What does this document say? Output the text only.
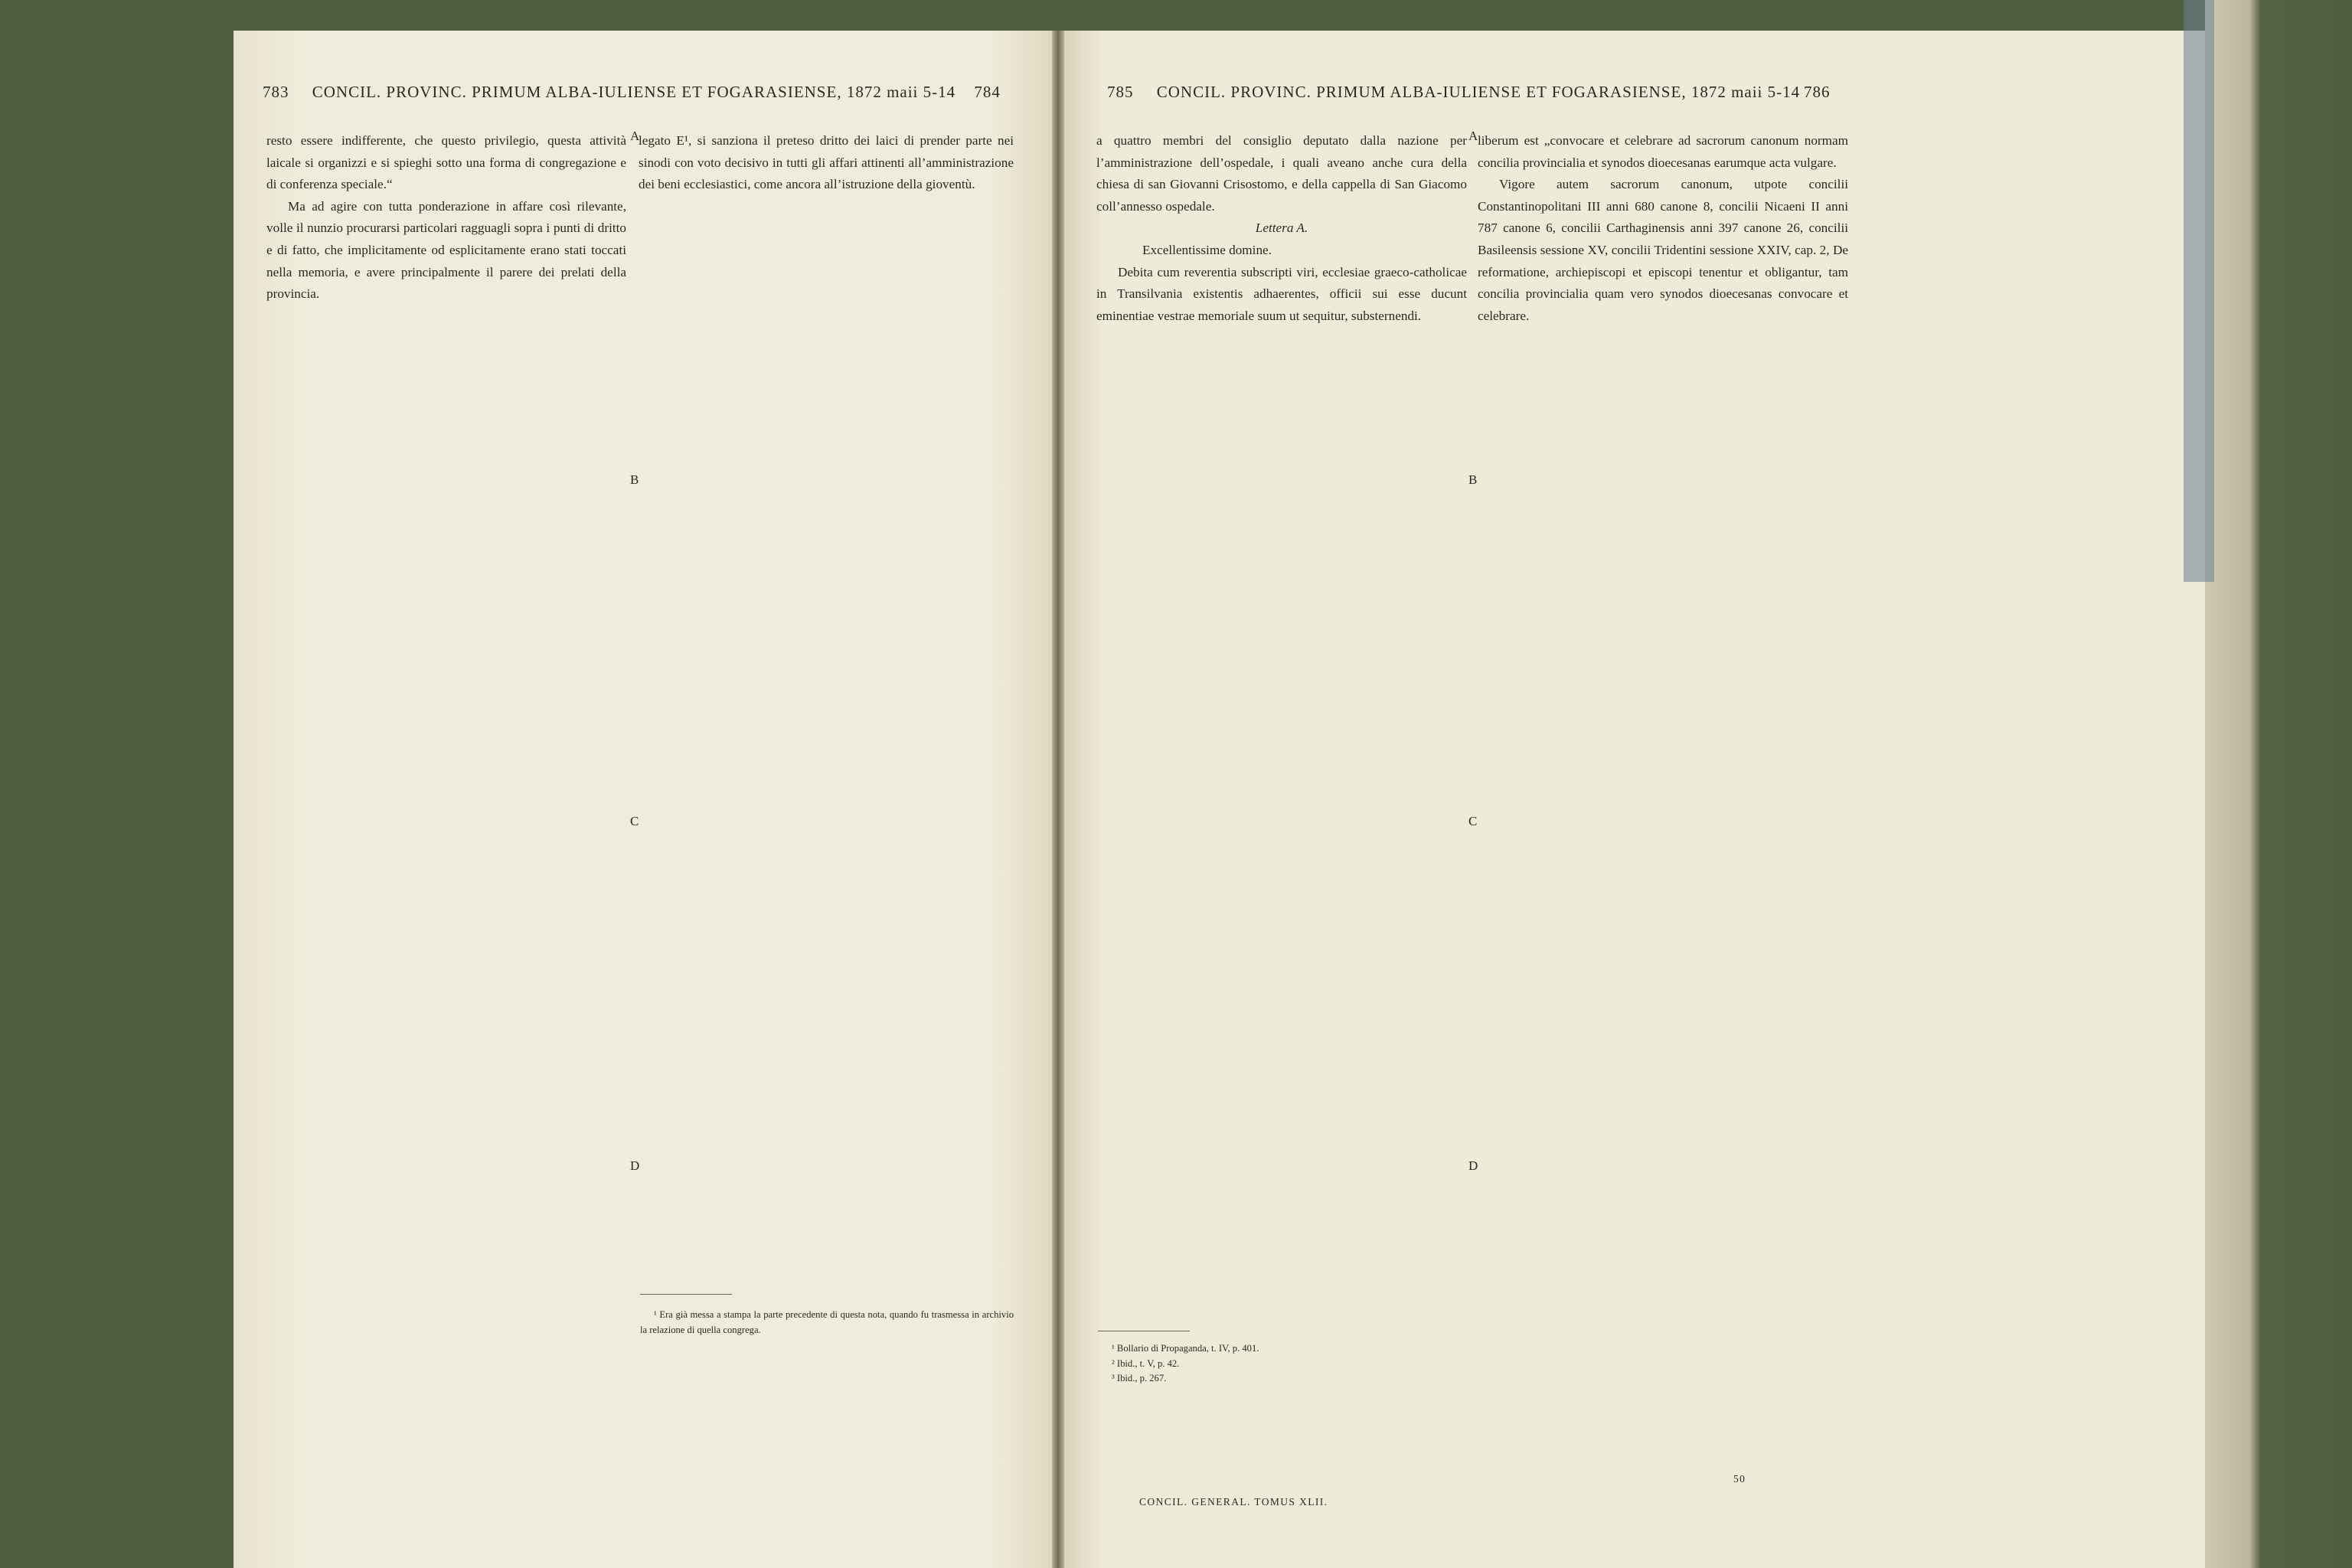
783 CONCIL. PROVINC. PRIMUM ALBA-IULIENSE ET FOGARASIENSE, 1872 maii 5-14 784	785 CONCIL. PROVINC. PRIMUM ALBA-IULIENSE ET FOGARASIENSE, 1872 maii 5-14 786

resto essere indifferente, che questo privilegio, questa attività laicale si organizzi e si spieghi sotto una forma di congregazione e di conferenza speciale.“

Ma ad agire con tutta ponderazione in affare così rilevante, volle il nunzio procurarsi particolari ragguagli sopra i punti di dritto e di fatto, che implicitamente od esplicitamente erano stati toccati nella memoria, e avere principalmente il parere dei prelati della provincia.

legato E¹, si sanziona il preteso dritto dei laici di prender parte nei sinodi con voto decisivo in tutti gli affari attinenti all’amministrazione dei beni ecclesiastici, come ancora all’istruzione della gioventù.

¹ Era già messa a stampa la parte precedente di questa nota, quando fu trasmessa in archivio la relazione di quella congrega.

a quattro membri del consiglio deputato dalla nazione per l’amministrazione dell’ospedale, i quali aveano anche cura della chiesa di san Giovanni Crisostomo, e della cappella di San Giacomo coll’annesso ospedale.

Lettera A.

Excellentissime domine.

Debita cum reverentia subscripti viri, ecclesiae graeco-catholicae in Transilvania existentis adhaerentes, officii sui esse ducunt eminentiae vestrae memoriale suum ut sequitur, substernendi.

¹ Bollario di Propaganda, t. IV, p. 401.

² Ibid., t. V, p. 42.

³ Ibid., p. 267.

CONCIL. GENERAL. TOMUS XLII.

liberum est „convocare et celebrare ad sacrorum canonum normam concilia provincialia et synodos dioecesanas earumque acta vulgare.

Vigore autem sacrorum canonum, utpote concilii Constantinopolitani III anni 680 canone 8, concilii Nicaeni II anni 787 canone 6, concilii Carthaginensis anni 397 canone 26, concilii Basileensis sessione XV, concilii Tridentini sessione XXIV, cap. 2, De reformatione, archiepiscopi et episcopi tenentur et obligantur, tam concilia provincialia quam vero synodos dioecesanas convocare et celebrare.

50
A
B
C
D
A
B
C
D
